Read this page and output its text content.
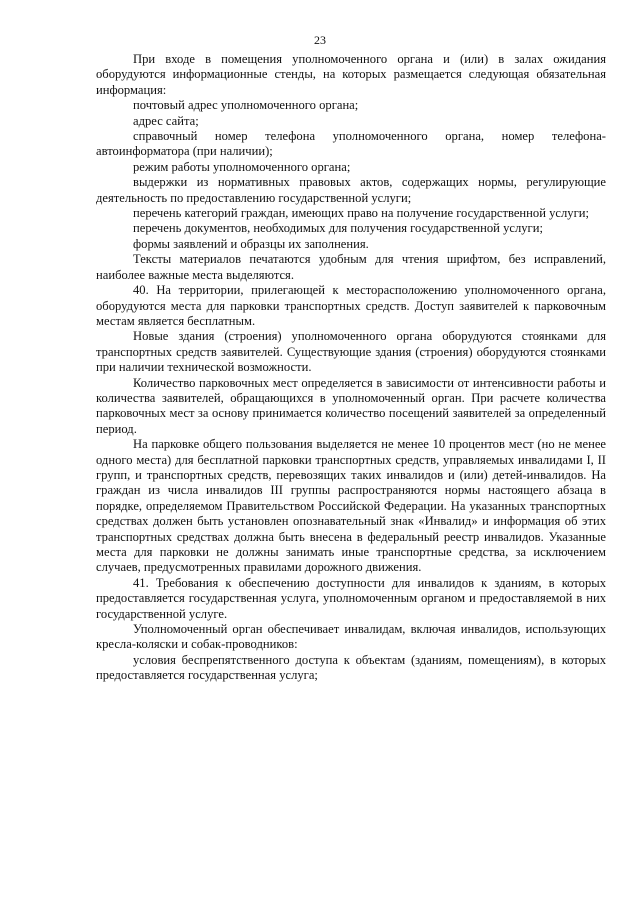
23

При входе в помещения уполномоченного органа и (или) в залах ожидания оборудуются информационные стенды, на которых размещается следующая обязательная информация:

почтовый адрес уполномоченного органа;

адрес сайта;

справочный номер телефона уполномоченного органа, номер телефона-автоинформатора (при наличии);

режим работы уполномоченного органа;

выдержки из нормативных правовых актов, содержащих нормы, регулирующие деятельность по предоставлению государственной услуги;

перечень категорий граждан, имеющих право на получение государственной услуги;

перечень документов, необходимых для получения государственной услуги;

формы заявлений и образцы их заполнения.

Тексты материалов печатаются удобным для чтения шрифтом, без исправлений, наиболее важные места выделяются.

40. На территории, прилегающей к месторасположению уполномоченного органа, оборудуются места для парковки транспортных средств. Доступ заявителей к парковочным местам является бесплатным.

Новые здания (строения) уполномоченного органа оборудуются стоянками для транспортных средств заявителей. Существующие здания (строения) оборудуются стоянками при наличии технической возможности.

Количество парковочных мест определяется в зависимости от интенсивности работы и количества заявителей, обращающихся в уполномоченный орган. При расчете количества парковочных мест за основу принимается количество посещений заявителей за определенный период.

На парковке общего пользования выделяется не менее 10 процентов мест (но не менее одного места) для бесплатной парковки транспортных средств, управляемых инвалидами I, II групп, и транспортных средств, перевозящих таких инвалидов и (или) детей-инвалидов. На граждан из числа инвалидов III группы распространяются нормы настоящего абзаца в порядке, определяемом Правительством Российской Федерации. На указанных транспортных средствах должен быть установлен опознавательный знак «Инвалид» и информация об этих транспортных средствах должна быть внесена в федеральный реестр инвалидов. Указанные места для парковки не должны занимать иные транспортные средства, за исключением случаев, предусмотренных правилами дорожного движения.

41. Требования к обеспечению доступности для инвалидов к зданиям, в которых предоставляется государственная услуга, уполномоченным органом и предоставляемой в них государственной услуге.

Уполномоченный орган обеспечивает инвалидам, включая инвалидов, использующих кресла-коляски и собак-проводников:

условия беспрепятственного доступа к объектам (зданиям, помещениям), в которых предоставляется государственная услуга;
